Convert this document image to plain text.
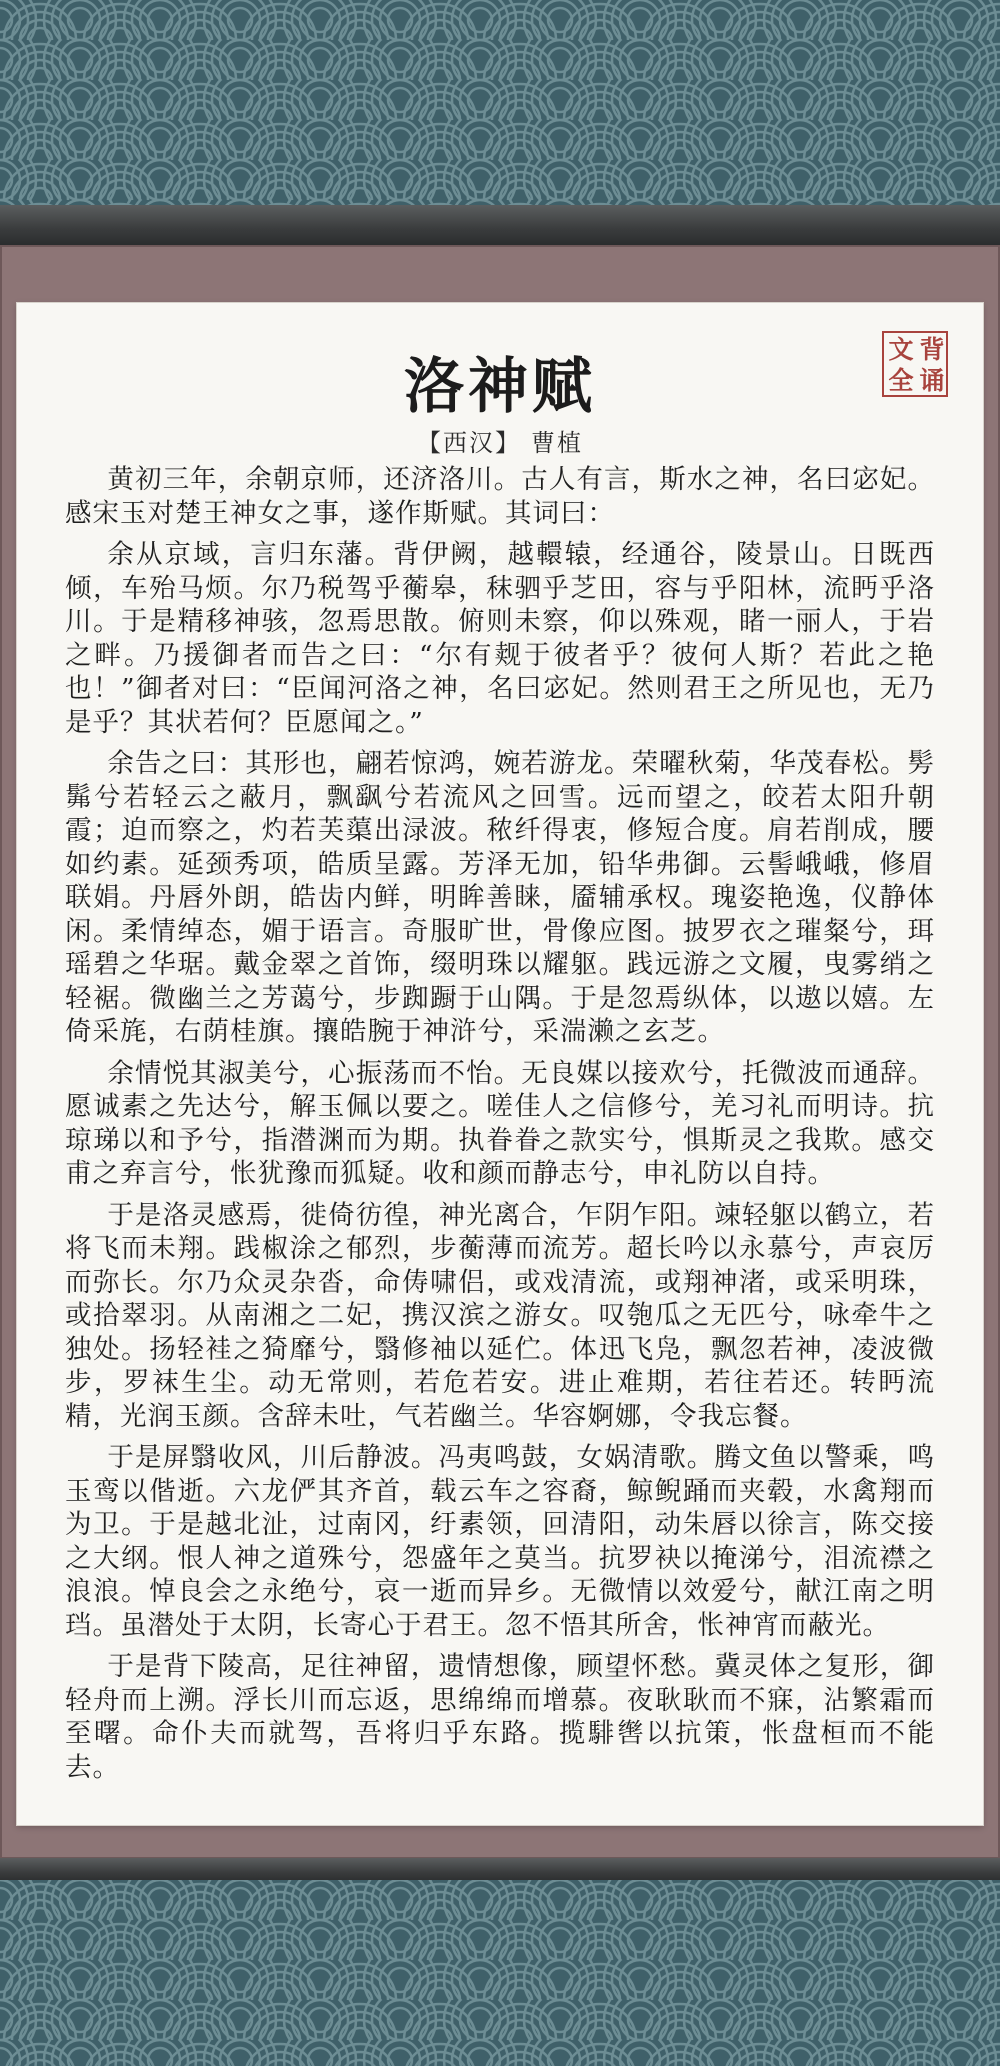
洛神赋
文 背
全 诵
【西汉】 曹植

黄初三年，余朝京师，还济洛川。古人有言，斯水之神，名曰宓妃。感宋玉对楚王神女之事，遂作斯赋。其词曰：

余从京域，言归东藩。背伊阙，越轘辕，经通谷，陵景山。日既西倾，车殆马烦。尔乃税驾乎蘅皋，秣驷乎芝田，容与乎阳林，流眄乎洛川。于是精移神骇，忽焉思散。俯则未察，仰以殊观，睹一丽人，于岩之畔。乃援御者而告之曰：“尔有觌于彼者乎？彼何人斯？若此之艳也！”御者对曰：“臣闻河洛之神，名曰宓妃。然则君王之所见也，无乃是乎？其状若何？臣愿闻之。”

余告之曰：其形也，翩若惊鸿，婉若游龙。荣曜秋菊，华茂春松。髣髴兮若轻云之蔽月，飘飖兮若流风之回雪。远而望之，皎若太阳升朝霞；迫而察之，灼若芙蕖出渌波。秾纤得衷，修短合度。肩若削成，腰如约素。延颈秀项，皓质呈露。芳泽无加，铅华弗御。云髻峨峨，修眉联娟。丹唇外朗，皓齿内鲜，明眸善睐，靥辅承权。瑰姿艳逸，仪静体闲。柔情绰态，媚于语言。奇服旷世，骨像应图。披罗衣之璀粲兮，珥瑶碧之华琚。戴金翠之首饰，缀明珠以耀躯。践远游之文履，曳雾绡之轻裾。微幽兰之芳蔼兮，步踟蹰于山隅。于是忽焉纵体，以遨以嬉。左倚采旄，右荫桂旗。攘皓腕于神浒兮，采湍濑之玄芝。

余情悦其淑美兮，心振荡而不怡。无良媒以接欢兮，托微波而通辞。愿诚素之先达兮，解玉佩以要之。嗟佳人之信修兮，羌习礼而明诗。抗琼珶以和予兮，指潜渊而为期。执眷眷之款实兮，惧斯灵之我欺。感交甫之弃言兮，怅犹豫而狐疑。收和颜而静志兮，申礼防以自持。

于是洛灵感焉，徙倚彷徨，神光离合，乍阴乍阳。竦轻躯以鹤立，若将飞而未翔。践椒涂之郁烈，步蘅薄而流芳。超长吟以永慕兮，声哀厉而弥长。尔乃众灵杂沓，命俦啸侣，或戏清流，或翔神渚，或采明珠，或拾翠羽。从南湘之二妃，携汉滨之游女。叹匏瓜之无匹兮，咏牵牛之独处。扬轻袿之猗靡兮，翳修袖以延伫。体迅飞凫，飘忽若神，凌波微步，罗袜生尘。动无常则，若危若安。进止难期，若往若还。转眄流精，光润玉颜。含辞未吐，气若幽兰。华容婀娜，令我忘餐。

于是屏翳收风，川后静波。冯夷鸣鼓，女娲清歌。腾文鱼以警乘，鸣玉鸾以偕逝。六龙俨其齐首，载云车之容裔，鲸鲵踊而夹毂，水禽翔而为卫。于是越北沚，过南冈，纡素领，回清阳，动朱唇以徐言，陈交接之大纲。恨人神之道殊兮，怨盛年之莫当。抗罗袂以掩涕兮，泪流襟之浪浪。悼良会之永绝兮，哀一逝而异乡。无微情以效爱兮，献江南之明珰。虽潜处于太阴，长寄心于君王。忽不悟其所舍，怅神宵而蔽光。

于是背下陵高，足往神留，遗情想像，顾望怀愁。冀灵体之复形，御轻舟而上溯。浮长川而忘返，思绵绵而增慕。夜耿耿而不寐，沾繁霜而至曙。命仆夫而就驾，吾将归乎东路。揽騑辔以抗策，怅盘桓而不能去。
